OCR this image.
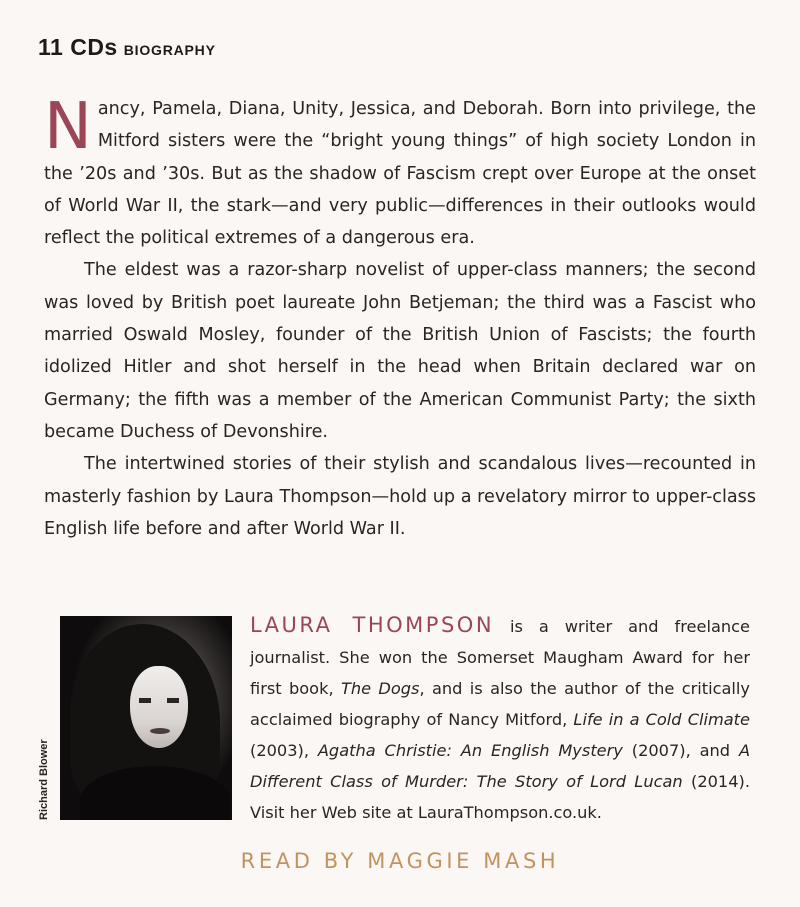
11 CDs BIOGRAPHY

Nancy, Pamela, Diana, Unity, Jessica, and Deborah. Born into privilege, the Mitford sisters were the “bright young things” of high society London in the ’20s and ’30s. But as the shadow of Fascism crept over Europe at the onset of World War II, the stark—and very public—differences in their outlooks would reflect the political extremes of a dangerous era.

The eldest was a razor-sharp novelist of upper-class manners; the second was loved by British poet laureate John Betjeman; the third was a Fascist who married Oswald Mosley, founder of the British Union of Fascists; the fourth idolized Hitler and shot herself in the head when Britain declared war on Germany; the fifth was a member of the American Communist Party; the sixth became Duchess of Devonshire.

The intertwined stories of their stylish and scandalous lives—recounted in masterly fashion by Laura Thompson—hold up a revelatory mirror to upper-class English life before and after World War II.

Richard Blower
LAURA THOMPSON is a writer and freelance journalist. She won the Somerset Maugham Award for her first book, The Dogs, and is also the author of the critically acclaimed biography of Nancy Mitford, Life in a Cold Climate (2003), Agatha Christie: An English Mystery (2007), and A Different Class of Murder: The Story of Lord Lucan (2014). Visit her Web site at LauraThompson.co.uk.
READ BY MAGGIE MASH
